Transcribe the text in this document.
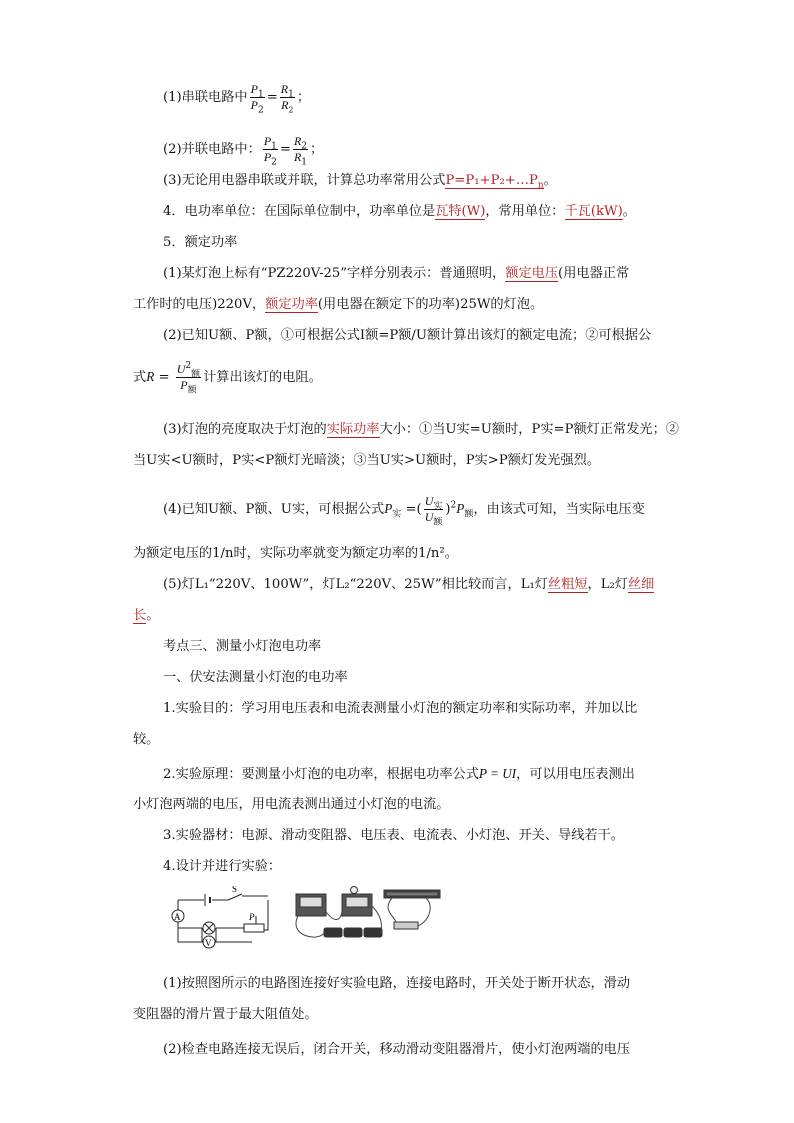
(1)串联电路中 $\frac{P_1}{P_2} = \frac{R_1}{R_2}$ ；
(2)并联电路中： $\frac{P_1}{P_2} = \frac{R_2}{R_1}$ ；
(3)无论用电器串联或并联，计算总功率常用公式$P=P_1+P_2+\dots P_n$。
4．电功率单位：在国际单位制中，功率单位是瓦特(W)，常用单位：千瓦(kW)。
5．额定功率
(1)某灯泡上标有“PZ220V-25”字样分别表示：普通照明，额定电压(用电器正常
工作时的电压)220V，额定功率(用电器在额定下的功率)25W的灯泡。
(2)已知U额、P额，①可根据公式I额=P额/U额计算出该灯的额定电流；②可根据公
式$R = \frac{U^2_额}{P_额}$ 计算出该灯的电阻。
(3)灯泡的亮度取决于灯泡的实际功率大小：①当U实=U额时，P实=P额灯正常发光；②
当U实<U额时，P实<P额灯光暗淡；③当U实>U额时，P实>P额灯发光强烈。
(4)已知U额、P额、U实，可根据公式$P_实$ =( $\frac{U_实}{U_额} )^2P_额$，由该式可知，当实际电压变
为额定电压的1/n时，实际功率就变为额定功率的1/n²。
(5)灯L₁“220V、100W”，灯L₂“220V、25W”相比较而言，L₁灯丝粗短，L₂灯丝细
长。
考点三、测量小灯泡电功率
一、伏安法测量小灯泡的电功率
1.实验目的：学习用电压表和电流表测量小灯泡的额定功率和实际功率，并加以比
较。
2.实验原理：要测量小灯泡的电功率，根据电功率公式P = UI，可以用电压表测出
小灯泡两端的电压，用电流表测出通过小灯泡的电流。
3.实验器材：电源、滑动变阻器、电压表、电流表、小灯泡、开关、导线若干。
4.设计并进行实验：
A
V
S
P
(1)按照图所示的电路图连接好实验电路，连接电路时，开关处于断开状态，滑动
变阻器的滑片置于最大阻值处。
(2)检查电路连接无误后，闭合开关，移动滑动变阻器滑片，使小灯泡两端的电压
